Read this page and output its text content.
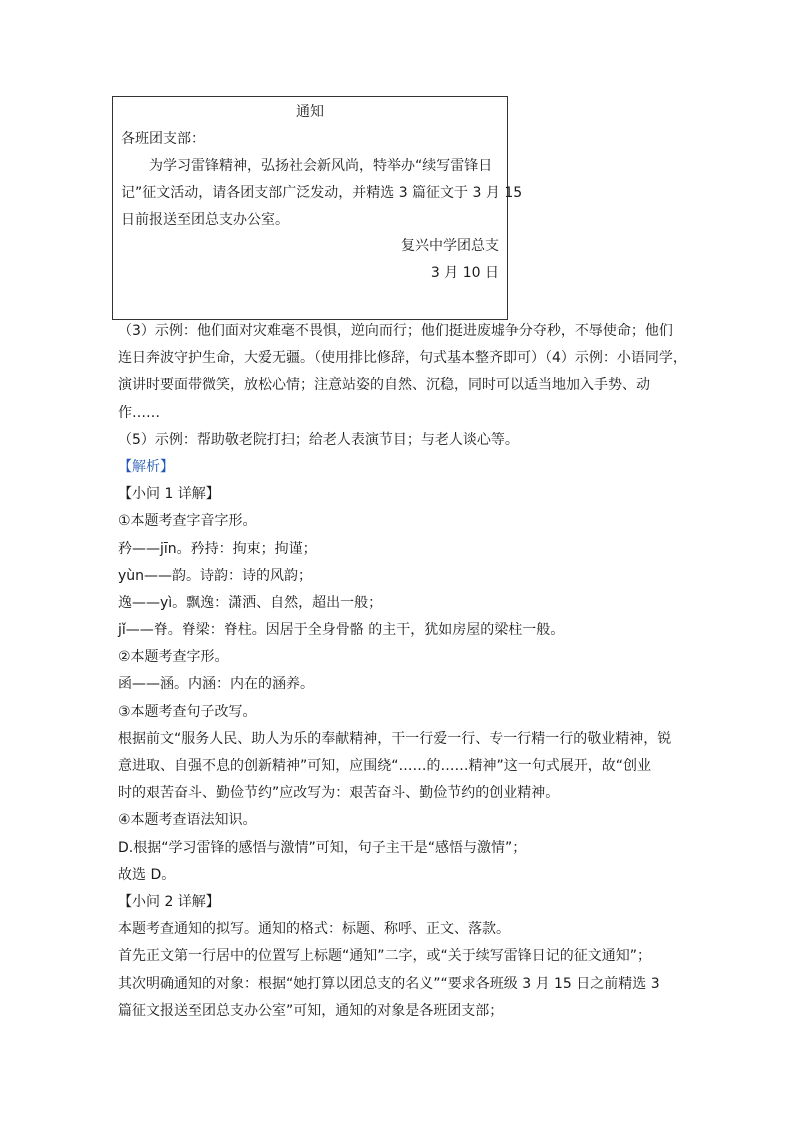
通知
各班团支部：
为学习雷锋精神，弘扬社会新风尚，特举办“续写雷锋日
记”征文活动，请各团支部广泛发动，并精选 3 篇征文于 3 月 15
日前报送至团总支办公室。
复兴中学团总支
3 月 10 日
（3）示例：他们面对灾难毫不畏惧，逆向而行；他们挺进废墟争分夺秒，不辱使命；他们
连日奔波守护生命，大爱无疆。（使用排比修辞，句式基本整齐即可）（4）示例：小语同学，
演讲时要面带微笑，放松心情；注意站姿的自然、沉稳，同时可以适当地加入手势、动
作……
（5）示例：帮助敬老院打扫；给老人表演节目；与老人谈心等。
【解析】
【小问 1 详解】
①本题考查字音字形。
矜——jīn。矜持：拘束；拘谨；
yùn——韵。诗韵：诗的风韵；
逸——yì。飘逸：潇洒、自然，超出一般；
jǐ——脊。脊梁：脊柱。因居于全身骨骼 的主干，犹如房屋的梁柱一般。
②本题考查字形。
函——涵。内涵：内在的涵养。
③本题考查句子改写。
根据前文“服务人民、助人为乐的奉献精神，干一行爱一行、专一行精一行的敬业精神，锐
意进取、自强不息的创新精神”可知，应围绕“……的……精神”这一句式展开，故“创业
时的艰苦奋斗、勤俭节约”应改写为：艰苦奋斗、勤俭节约的创业精神。
④本题考查语法知识。
D.根据“学习雷锋的感悟与激情”可知，句子主干是“感悟与激情”；
故选 D。
【小问 2 详解】
本题考查通知的拟写。通知的格式：标题、称呼、正文、落款。
首先正文第一行居中的位置写上标题“通知”二字，或“关于续写雷锋日记的征文通知”；
其次明确通知的对象：根据“她打算以团总支的名义”“要求各班级 3 月 15 日之前精选 3
篇征文报送至团总支办公室”可知，通知的对象是各班团支部；
